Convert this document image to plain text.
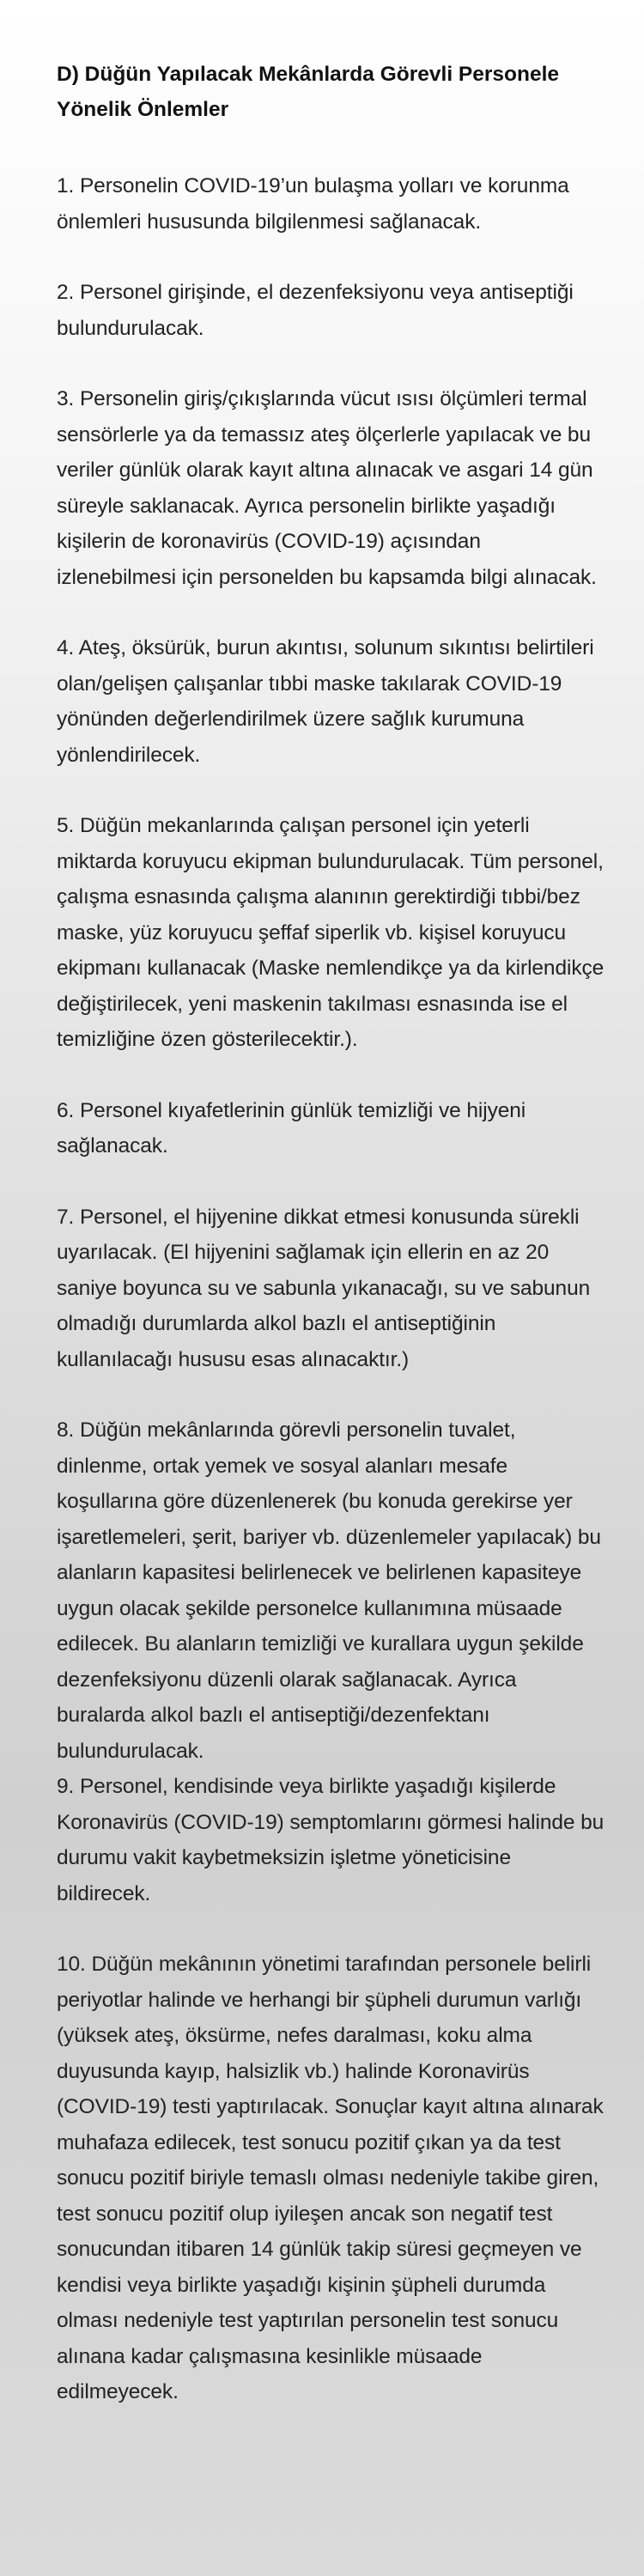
D) Düğün Yapılacak Mekânlarda Görevli Personele Yönelik Önlemler

1. Personelin COVID-19’un bulaşma yolları ve korunma önlemleri hususunda bilgilenmesi sağlanacak.

2. Personel girişinde, el dezenfeksiyonu veya antiseptiği bulundurulacak.

3. Personelin giriş/çıkışlarında vücut ısısı ölçümleri termal sensörlerle ya da temassız ateş ölçerlerle yapılacak ve bu veriler günlük olarak kayıt altına alınacak ve asgari 14 gün süreyle saklanacak. Ayrıca personelin birlikte yaşadığı kişilerin de koronavirüs (COVID-19) açısından izlenebilmesi için personelden bu kapsamda bilgi alınacak.

4. Ateş, öksürük, burun akıntısı, solunum sıkıntısı belirtileri olan/gelişen çalışanlar tıbbi maske takılarak COVID-19 yönünden değerlendirilmek üzere sağlık kurumuna yönlendirilecek.

5. Düğün mekanlarında çalışan personel için yeterli miktarda koruyucu ekipman bulundurulacak. Tüm personel, çalışma esnasında çalışma alanının gerektirdiği tıbbi/bez maske, yüz koruyucu şeffaf siperlik vb. kişisel koruyucu ekipmanı kullanacak (Maske nemlendikçe ya da kirlendikçe değiştirilecek, yeni maskenin takılması esnasında ise el temizliğine özen gösterilecektir.).

6. Personel kıyafetlerinin günlük temizliği ve hijyeni sağlanacak.

7. Personel, el hijyenine dikkat etmesi konusunda sürekli uyarılacak. (El hijyenini sağlamak için ellerin en az 20 saniye boyunca su ve sabunla yıkanacağı, su ve sabunun olmadığı durumlarda alkol bazlı el antiseptiğinin kullanılacağı hususu esas alınacaktır.)

8. Düğün mekânlarında görevli personelin tuvalet, dinlenme, ortak yemek ve sosyal alanları mesafe koşullarına göre düzenlenerek (bu konuda gerekirse yer işaretlemeleri, şerit, bariyer vb. düzenlemeler yapılacak) bu alanların kapasitesi belirlenecek ve belirlenen kapasiteye uygun olacak şekilde personelce kullanımına müsaade edilecek. Bu alanların temizliği ve kurallara uygun şekilde dezenfeksiyonu düzenli olarak sağlanacak. Ayrıca buralarda alkol bazlı el antiseptiği/dezenfektanı bulundurulacak.

9. Personel, kendisinde veya birlikte yaşadığı kişilerde Koronavirüs (COVID-19) semptomlarını görmesi halinde bu durumu vakit kaybetmeksizin işletme yöneticisine bildirecek.

10. Düğün mekânının yönetimi tarafından personele belirli periyotlar halinde ve herhangi bir şüpheli durumun varlığı (yüksek ateş, öksürme, nefes daralması, koku alma duyusunda kayıp, halsizlik vb.) halinde Koronavirüs (COVID-19) testi yaptırılacak. Sonuçlar kayıt altına alınarak muhafaza edilecek, test sonucu pozitif çıkan ya da test sonucu pozitif biriyle temaslı olması nedeniyle takibe giren, test sonucu pozitif olup iyileşen ancak son negatif test sonucundan itibaren 14 günlük takip süresi geçmeyen ve kendisi veya birlikte yaşadığı kişinin şüpheli durumda olması nedeniyle test yaptırılan personelin test sonucu alınana kadar çalışmasına kesinlikle müsaade edilmeyecek.
